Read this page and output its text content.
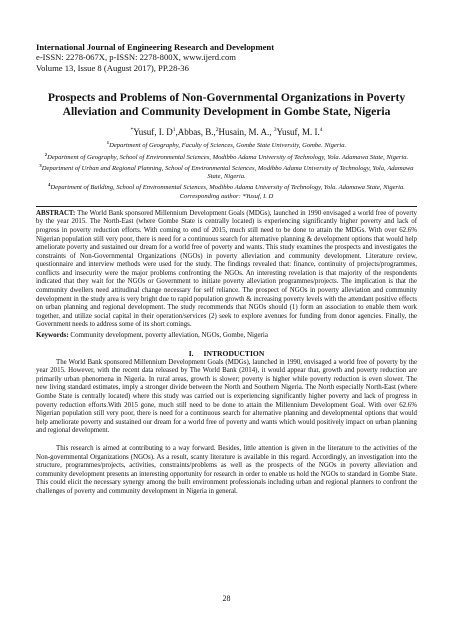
International Journal of Engineering Research and Development
e-ISSN: 2278-067X, p-ISSN: 2278-800X, www.ijerd.com
Volume 13, Issue 8 (August 2017), PP.28-36
Prospects and Problems of Non-Governmental Organizations in Poverty Alleviation and Community Development in Gombe State, Nigeria
*Yusuf, I. $D^1,Abbas$, B.,$^2$Husain, M. A., $^3$Yusuf, M. I.$^4$
$^1$Department of Geography, Faculty of Sciences, Gombe State University, Gombe. Nigeria.
$^2$Department of Geography, School of Environmental Sciences, Modibbo Adama University of Technology, Yola. Adamawa State, Nigeria.
$^3$Department of Urban and Regional Planning, School of Environmental Sciences, Modibbo Adama University of Technology, Yola, Adamawa State, Nigeria.
$^4$Department of Building, School of Environmental Sciences, Modibbo Adama University of Technology, Yola. Adamawa State, Nigeria.
Corresponding author: *Yusuf, I. D
ABSTRACT: The World Bank sponsored Millennium Development Goals (MDGs), launched in 1990 envisaged a world free of poverty by the year 2015. The North-East (where Gombe State is centrally located) is experiencing significantly higher poverty and lack of progress in poverty reduction efforts. With coming to end of 2015, much still need to be done to attain the MDGs. With over 62.6% Nigerian population still very poor, there is need for a continuous search for alternative planning & development options that would help ameliorate poverty and sustained our dream for a world free of poverty and wants. This study examines the prospects and investigates the constraints of Non-Governmental Organizations (NGOs) in poverty alleviation and community development. Literature review, questionnaire and interview methods were used for the study. The findings revealed that: finance, continuity of projects/programmes, conflicts and insecurity were the major problems confronting the NGOs. An interesting revelation is that majority of the respondents indicated that they wait for the NGOs or Government to initiate poverty alleviation programmes/projects. The implication is that the community dwellers need attitudinal change necessary for self reliance. The prospect of NGOs in poverty alleviation and community development in the study area is very bright due to rapid population growth & increasing poverty levels with the attendant positive effects on urban planning and regional development. The study recommends that NGOs should (1) form an association to enable them work together, and utilize social capital in their operation/services (2) seek to explore avenues for funding from donor agencies. Finally, the Government needs to address some of its short comings.
Keywords: Community development, poverty alleviation, NGOs, Gombe, Nigeria
I. INTRODUCTION

The World Bank sponsored Millennium Development Goals (MDGs), launched in 1990, envisaged a world free of poverty by the year 2015. However, with the recent data released by The World Bank (2014), it would appear that, growth and poverty reduction are primarily urban phenomena in Nigeria. In rural areas, growth is slower; poverty is higher while poverty reduction is even slower. The new living standard estimates, imply a stronger divide between the North and Southern Nigeria. The North especially North-East (where Gombe State is centrally located) where this study was carried out is experiencing significantly higher poverty and lack of progress in poverty reduction efforts.With 2015 gone, much still need to be done to attain the Millennium Development Goal. With over 62.6% Nigerian population still very poor, there is need for a continuous search for alternative planning and developmental options that would help ameliorate poverty and sustained our dream for a world free of poverty and wants which would positively impact on urban planning and regional development.

This research is aimed at contributing to a way forward. Besides, little attention is given in the literature to the activities of the Non-governmental Organizations (NGOs). As a result, scanty literature is available in this regard. Accordingly, an investigation into the structure, programmes/projects, activities, constraints/problems as well as the prospects of the NGOs in poverty alleviation and community development presents an interesting opportunity for research in order to enable us hold the NGOs to standard in Gombe State. This could elicit the necessary synergy among the built environment professionals including urban and regional planners to confront the challenges of poverty and community development in Nigeria in general.

28
